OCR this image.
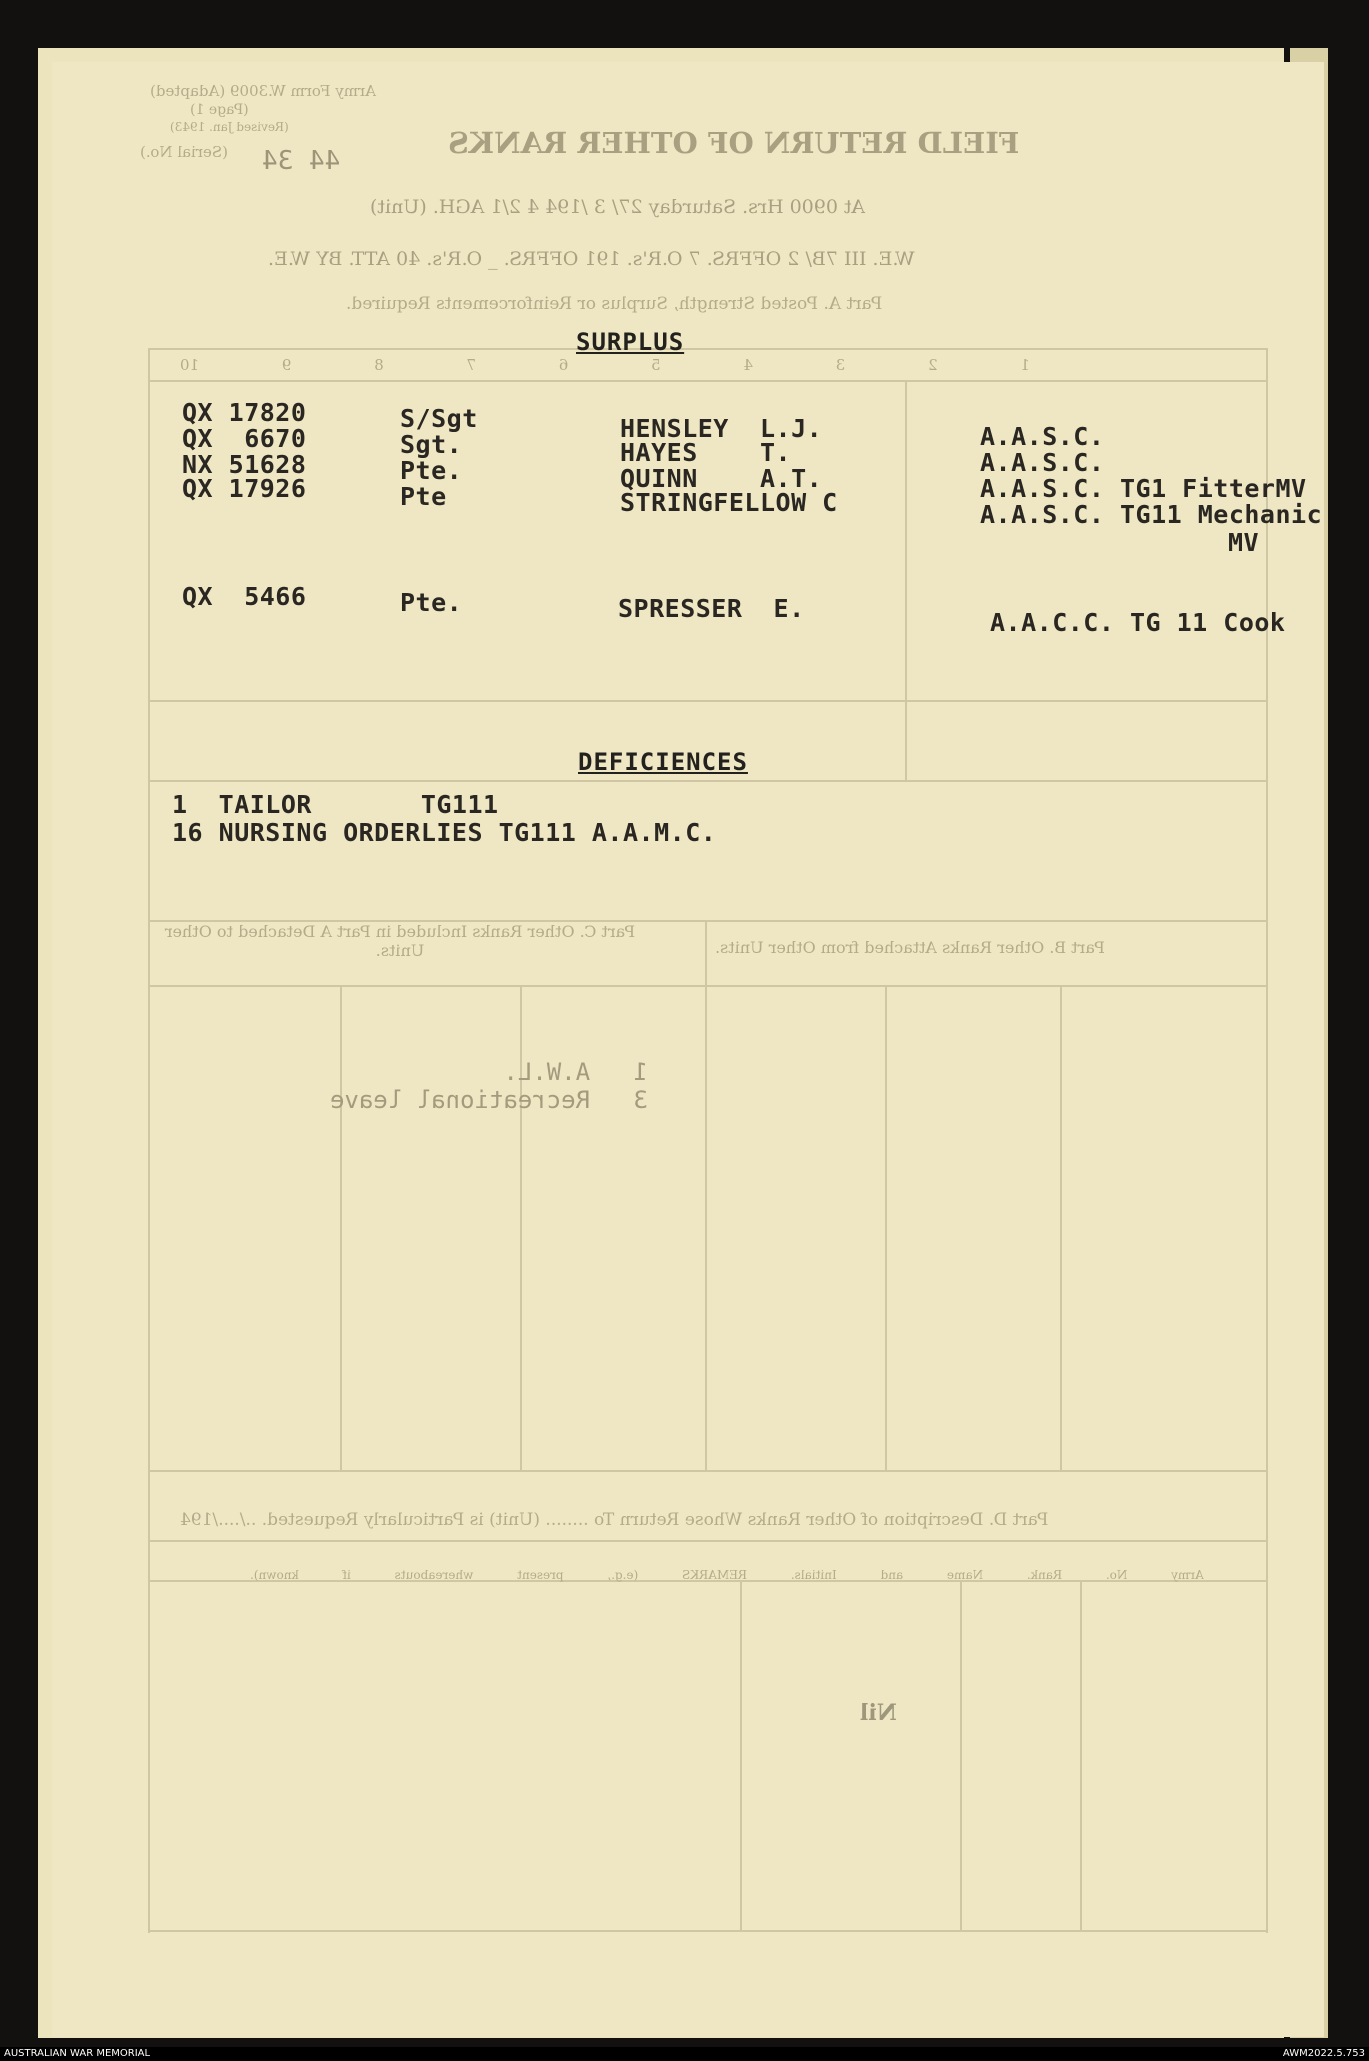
Army Form W.3009 (Adapted)
(Page 1)
(Revised Jan. 1943)
(Serial No.) 44 34
FIELD RETURN OF OTHER RANKS
At 0900 Hrs. Saturday 27/ 3 /194 4 2/1 AGH. (Unit)
W.E. III 7B/ 2 OFFRS. 7 O.R's. 191 OFFRS. _ O.R's. 40 ATT. BY W.E.
Part A. Posted Strength, Surplus or Reinforcements Required.
1 2 3 4 5 6 7 8 9 10
Part B. Other Ranks Attached from Other Units.
Part C. Other Ranks Included in Part A Detached to Other Units.
1   A.W.L.
3   Recreational leave
Part D. Description of Other Ranks Whose Return To ........ (Unit) is Particularly Requested. ../..../194
Army No. Rank. Name and Initials. REMARKS (e.g., present whereabouts if known).
Nil
SURPLUS
QX 17820	S/Sgt	HENSLEY  L.J.	A.A.S.C.
QX  6670	Sgt.	HAYES    T.	A.A.S.C.
NX 51628	Pte.	QUINN    A.T.	A.A.S.C. TG1 FitterMV
QX 17926	Pte	STRINGFELLOW C	A.A.S.C. TG11 Mechanic
MV
QX  5466	Pte.	SPRESSER  E.	A.A.C.C. TG 11 Cook
DEFICIENCES
1  TAILOR       TG111
16 NURSING ORDERLIES TG111 A.A.M.C.
AUSTRALIAN WAR MEMORIAL	AWM2022.5.753
